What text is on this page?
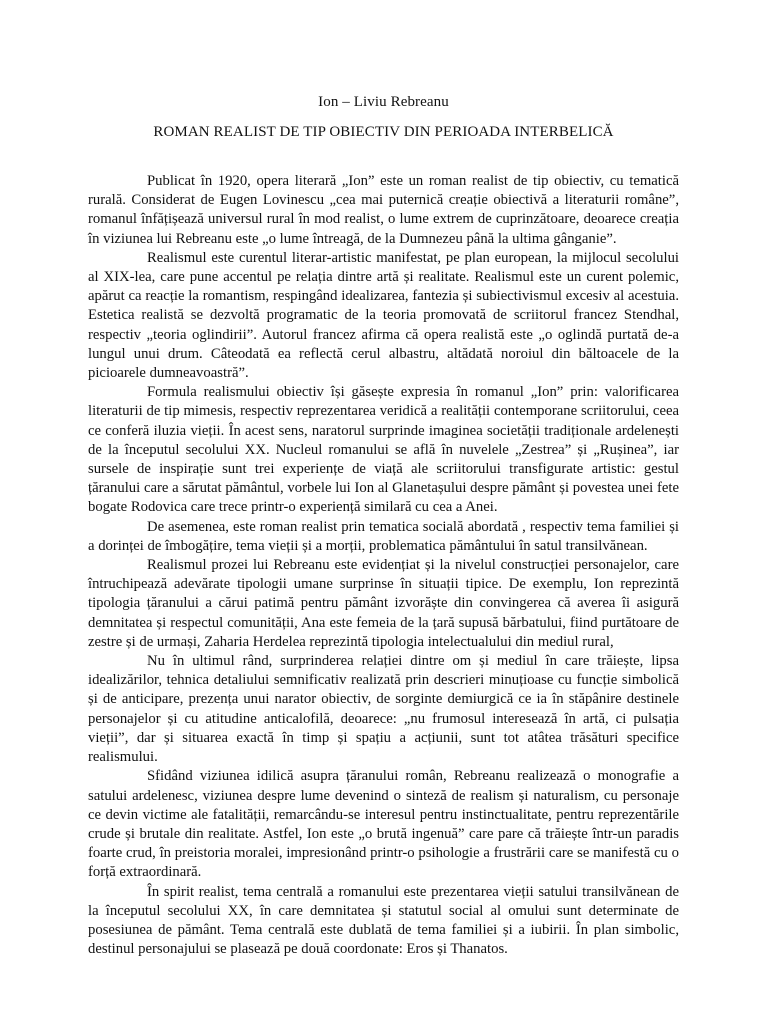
Ion – Liviu Rebreanu
ROMAN REALIST DE TIP OBIECTIV DIN PERIOADA INTERBELICĂ

Publicat în 1920, opera literară „Ion” este un roman realist de tip obiectiv, cu tematică rurală. Considerat de Eugen Lovinescu „cea mai puternică creație obiectivă a literaturii române”, romanul înfățișează universul rural în mod realist, o lume extrem de cuprinzătoare, deoarece creația în viziunea lui Rebreanu este „o lume întreagă, de la Dumnezeu până la ultima gânganie”.

Realismul este curentul literar-artistic manifestat, pe plan european, la mijlocul secolului al XIX-lea, care pune accentul pe relația dintre artă și realitate. Realismul este un curent polemic, apărut ca reacție la romantism, respingând idealizarea, fantezia și subiectivismul excesiv al acestuia. Estetica realistă se dezvoltă programatic de la teoria promovată de scriitorul francez Stendhal, respectiv „teoria oglindirii”. Autorul francez afirma că opera realistă este „o oglindă purtată de-a lungul unui drum. Câteodată ea reflectă cerul albastru, altădată noroiul din băltoacele de la picioarele dumneavoastră”.

Formula realismului obiectiv își găsește expresia în romanul „Ion” prin: valorificarea literaturii de tip mimesis, respectiv reprezentarea veridică a realității contemporane scriitorului, ceea ce conferă iluzia vieții. În acest sens, naratorul surprinde imaginea societății tradiționale ardelenești de la începutul secolului XX. Nucleul romanului se află în nuvelele „Zestrea” și „Rușinea”, iar sursele de inspirație sunt trei experiențe de viață ale scriitorului transfigurate artistic: gestul țăranului care a sărutat pământul, vorbele lui Ion al Glanetașului despre pământ și povestea unei fete bogate Rodovica care trece printr-o experiență similară cu cea a Anei.

De asemenea, este roman realist prin tematica socială abordată , respectiv tema familiei și a dorinței de îmbogățire, tema vieții și a morții, problematica pământului în satul transilvănean.

Realismul prozei lui Rebreanu este evidențiat și la nivelul construcției personajelor, care întruchipează adevărate tipologii umane surprinse în situații tipice. De exemplu, Ion reprezintă tipologia țăranului a cărui patimă pentru pământ izvorăște din convingerea că averea îi asigură demnitatea și respectul comunității, Ana este femeia de la țară supusă bărbatului, fiind purtătoare de zestre și de urmași, Zaharia Herdelea reprezintă tipologia intelectualului din mediul rural,

Nu în ultimul rând, surprinderea relației dintre om și mediul în care trăiește, lipsa idealizărilor, tehnica detaliului semnificativ realizată prin descrieri minuțioase cu funcție simbolică și de anticipare, prezența unui narator obiectiv, de sorginte demiurgică ce ia în stăpânire destinele personajelor și cu atitudine anticalofilă, deoarece: „nu frumosul interesează în artă, ci pulsația vieții”, dar și situarea exactă în timp și spațiu a acțiunii, sunt tot atâtea trăsături specifice realismului.

Sfidând viziunea idilică asupra țăranului român, Rebreanu realizează o monografie a satului ardelenesc, viziunea despre lume devenind o sinteză de realism și naturalism, cu personaje ce devin victime ale fatalității, remarcându-se interesul pentru instinctualitate, pentru reprezentările crude și brutale din realitate. Astfel, Ion este „o brută ingenuă” care pare că trăiește într-un paradis foarte crud, în preistoria moralei, impresionând printr-o psihologie a frustrării care se manifestă cu o forță extraordinară.

În spirit realist, tema centrală a romanului este prezentarea vieții satului transilvănean de la începutul secolului XX, în care demnitatea și statutul social al omului sunt determinate de posesiunea de pământ. Tema centrală este dublată de tema familiei și a iubirii. În plan simbolic, destinul personajului se plasează pe două coordonate: Eros și Thanatos.
